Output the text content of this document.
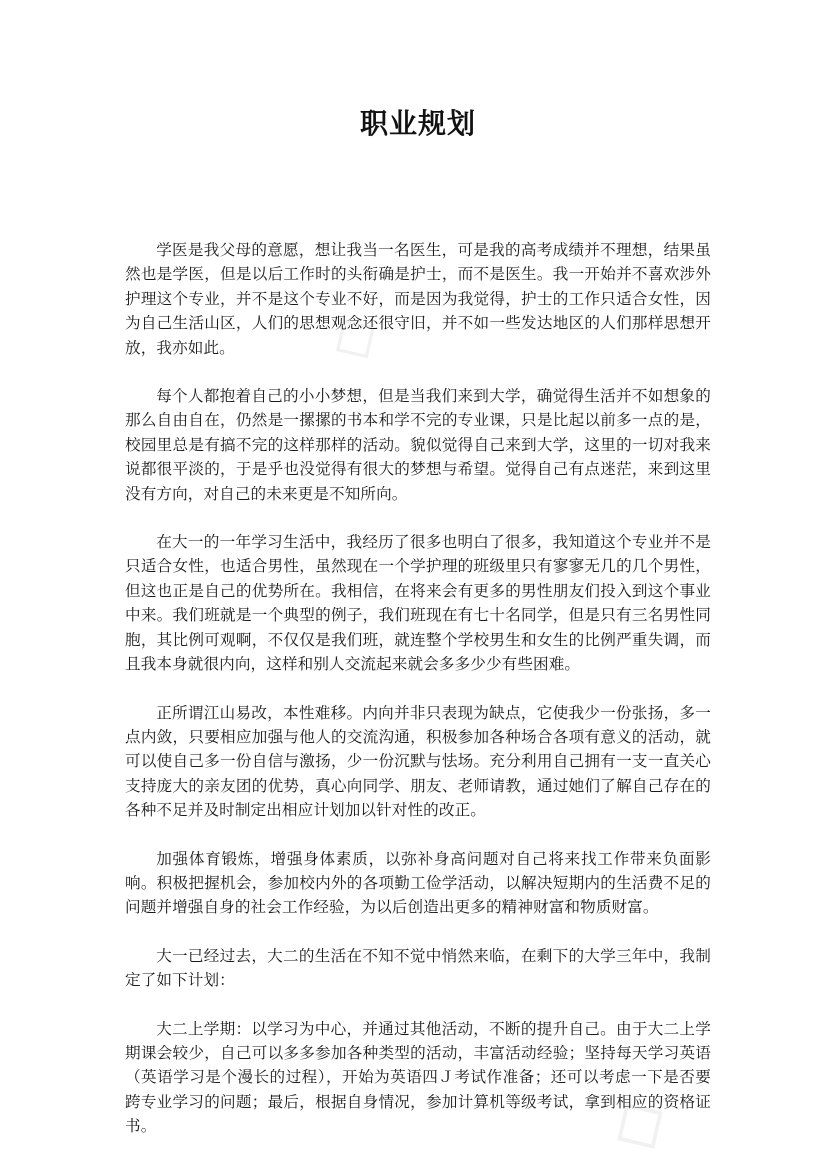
◇
◇
职业规划

学医是我父母的意愿，想让我当一名医生，可是我的高考成绩并不理想，结果虽然也是学医，但是以后工作时的头衔确是护士，而不是医生。我一开始并不喜欢涉外护理这个专业，并不是这个专业不好，而是因为我觉得，护士的工作只适合女性，因为自己生活山区，人们的思想观念还很守旧，并不如一些发达地区的人们那样思想开放，我亦如此。

每个人都抱着自己的小小梦想，但是当我们来到大学，确觉得生活并不如想象的那么自由自在，仍然是一摞摞的书本和学不完的专业课，只是比起以前多一点的是，校园里总是有搞不完的这样那样的活动。貌似觉得自己来到大学，这里的一切对我来说都很平淡的，于是乎也没觉得有很大的梦想与希望。觉得自己有点迷茫，来到这里没有方向，对自己的未来更是不知所向。

在大一的一年学习生活中，我经历了很多也明白了很多，我知道这个专业并不是只适合女性，也适合男性，虽然现在一个学护理的班级里只有寥寥无几的几个男性，但这也正是自己的优势所在。我相信，在将来会有更多的男性朋友们投入到这个事业中来。我们班就是一个典型的例子，我们班现在有七十名同学，但是只有三名男性同胞，其比例可观啊，不仅仅是我们班，就连整个学校男生和女生的比例严重失调，而且我本身就很内向，这样和别人交流起来就会多多少少有些困难。

正所谓江山易改，本性难移。内向并非只表现为缺点，它使我少一份张扬，多一点内敛，只要相应加强与他人的交流沟通，积极参加各种场合各项有意义的活动，就可以使自己多一份自信与激扬，少一份沉默与怯场。充分利用自己拥有一支一直关心支持庞大的亲友团的优势，真心向同学、朋友、老师请教，通过她们了解自己存在的各种不足并及时制定出相应计划加以针对性的改正。

加强体育锻炼，增强身体素质，以弥补身高问题对自己将来找工作带来负面影响。积极把握机会，参加校内外的各项勤工俭学活动，以解决短期内的生活费不足的问题并增强自身的社会工作经验，为以后创造出更多的精神财富和物质财富。

大一已经过去，大二的生活在不知不觉中悄然来临，在剩下的大学三年中，我制定了如下计划：

大二上学期：以学习为中心，并通过其他活动，不断的提升自己。由于大二上学期课会较少，自己可以多多参加各种类型的活动，丰富活动经验；坚持每天学习英语（英语学习是个漫长的过程），开始为英语四Ｊ考试作准备；还可以考虑一下是否要跨专业学习的问题；最后，根据自身情况，参加计算机等级考试，拿到相应的资格证书。
